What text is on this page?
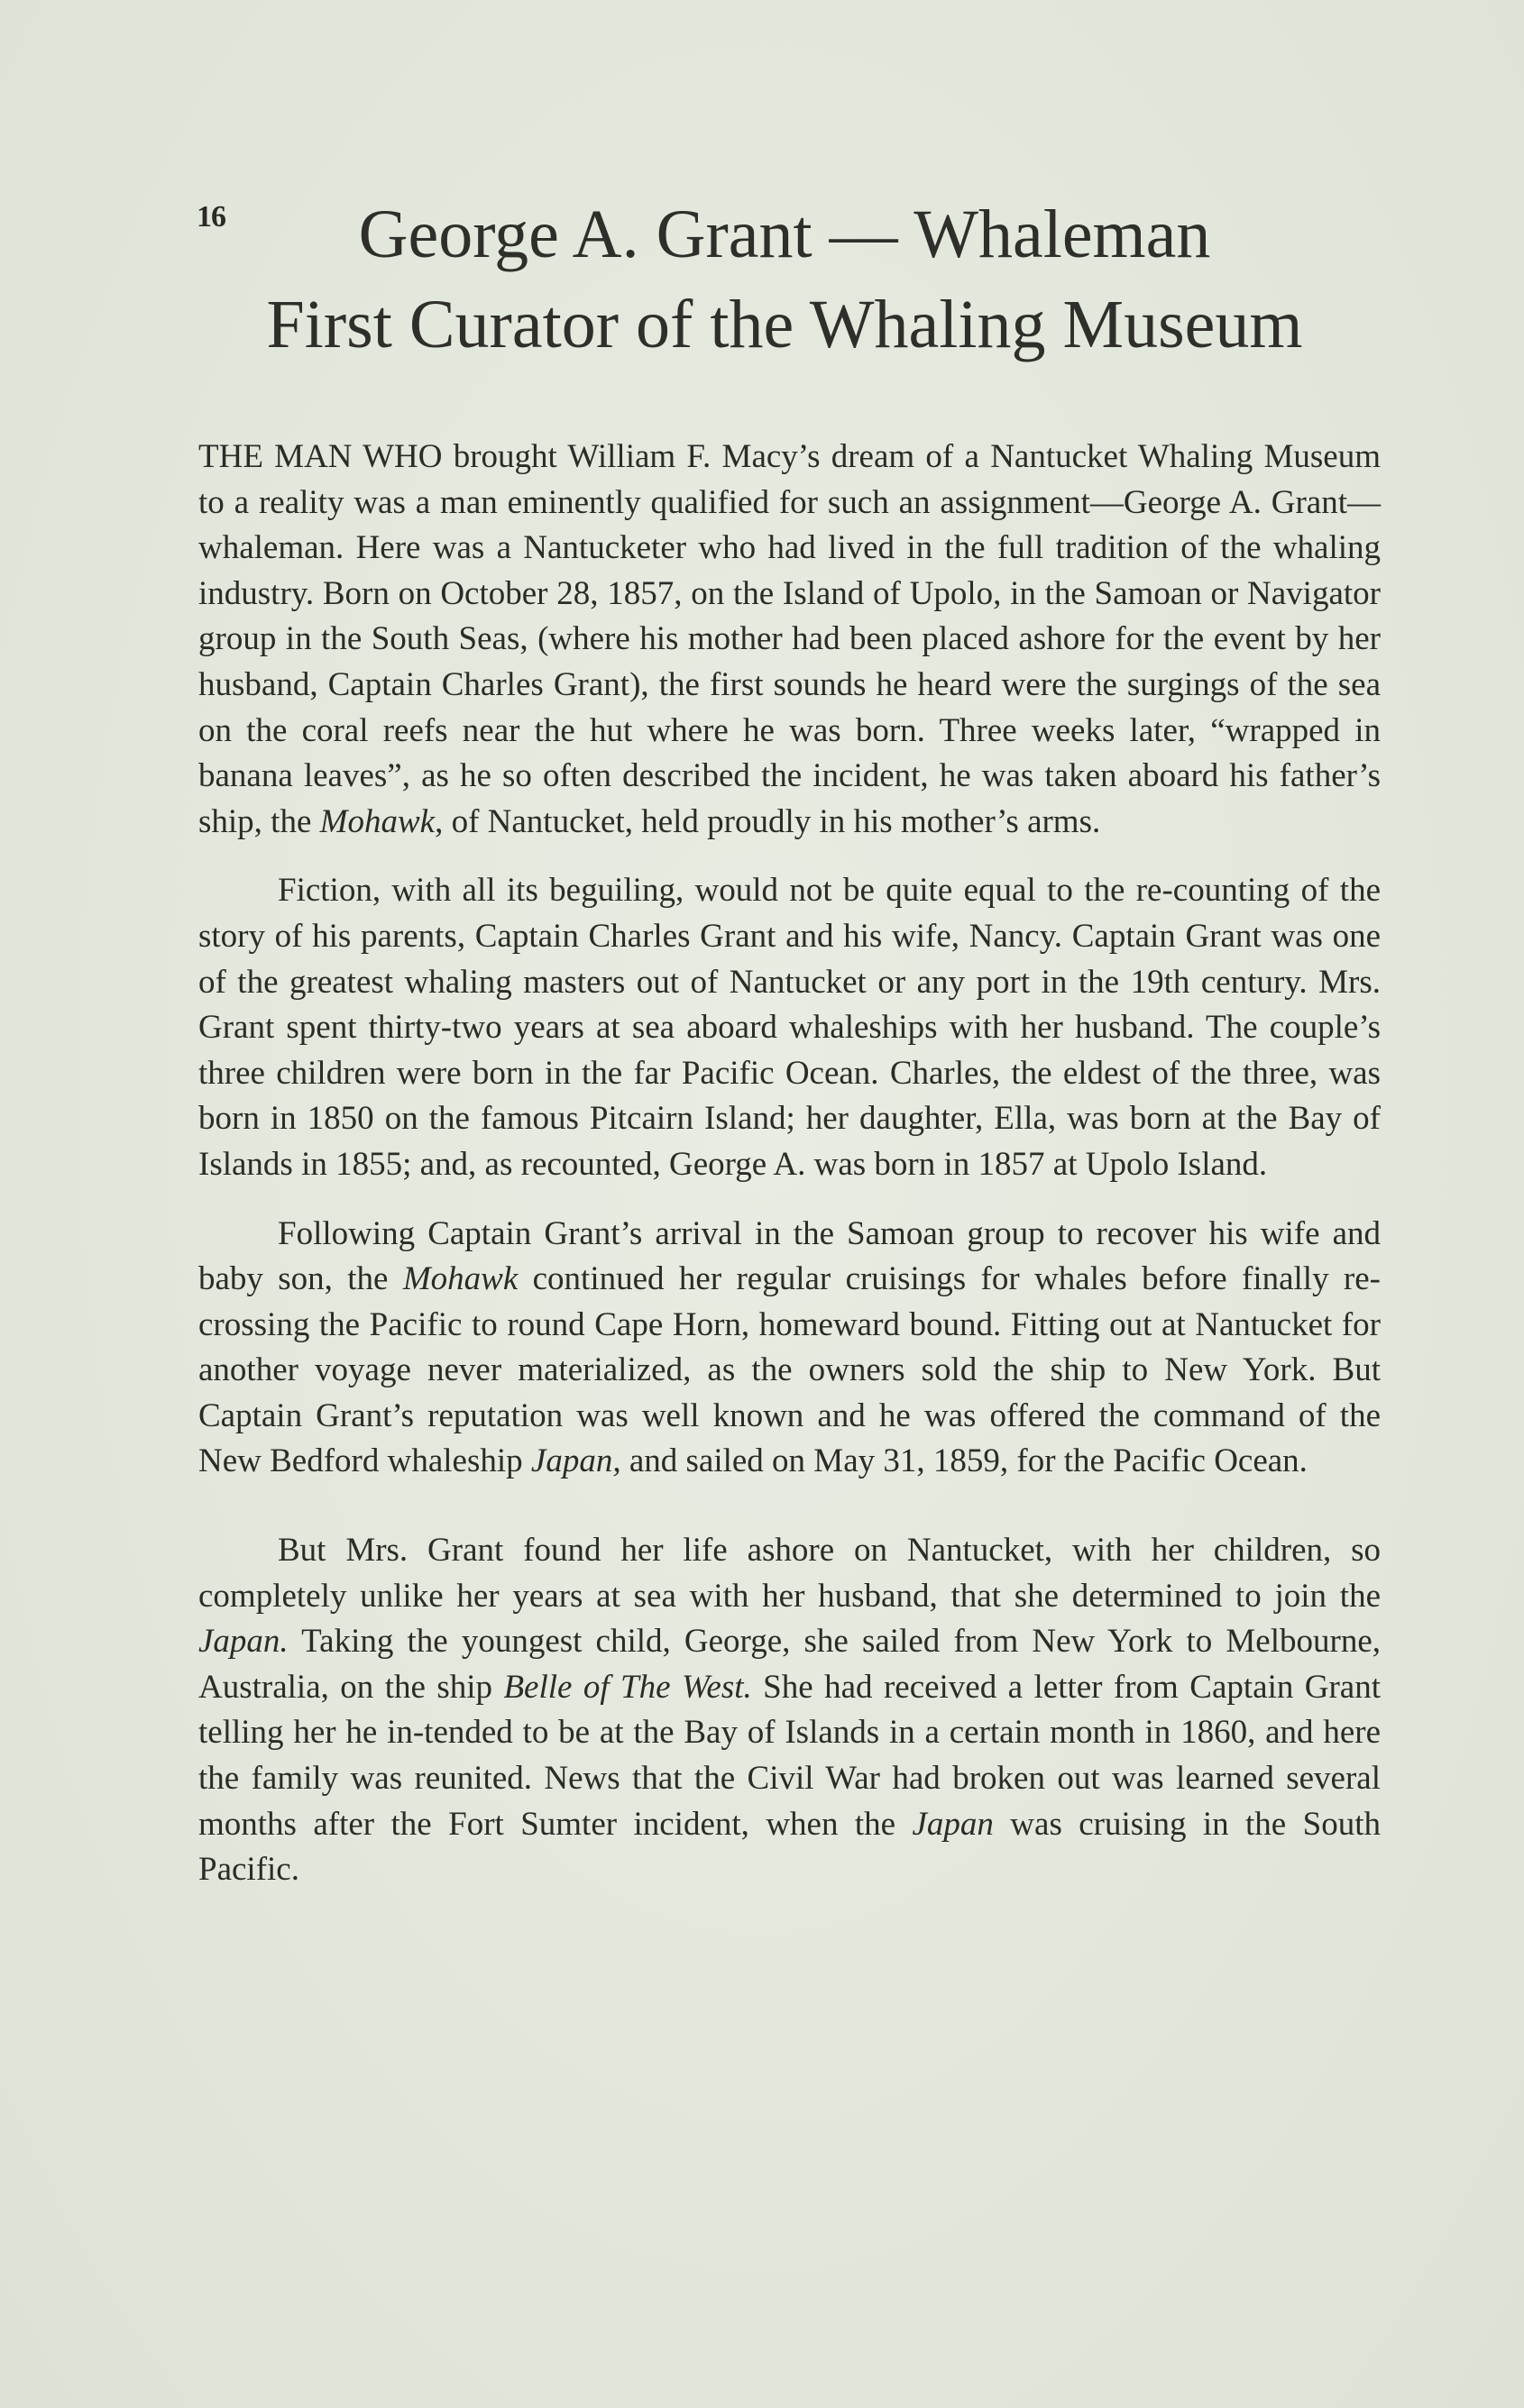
16	George A. Grant — Whaleman
First Curator of the Whaling Museum

THE MAN WHO brought William F. Macy’s dream of a Nantucket Whaling Museum to a reality was a man eminently qualified for such an assignment—George A. Grant—whaleman. Here was a Nantucketer who had lived in the full tradition of the whaling industry. Born on October 28, 1857, on the Island of Upolo, in the Samoan or Navigator group in the South Seas, (where his mother had been placed ashore for the event by her husband, Captain Charles Grant), the first sounds he heard were the surgings of the sea on the coral reefs near the hut where he was born. Three weeks later, “wrapped in banana leaves”, as he so often described the incident, he was taken aboard his father’s ship, the Mohawk, of Nantucket, held proudly in his mother’s arms.

Fiction, with all its beguiling, would not be quite equal to the re-counting of the story of his parents, Captain Charles Grant and his wife, Nancy. Captain Grant was one of the greatest whaling masters out of Nantucket or any port in the 19th century. Mrs. Grant spent thirty-two years at sea aboard whaleships with her husband. The couple’s three children were born in the far Pacific Ocean. Charles, the eldest of the three, was born in 1850 on the famous Pitcairn Island; her daughter, Ella, was born at the Bay of Islands in 1855; and, as recounted, George A. was born in 1857 at Upolo Island.

Following Captain Grant’s arrival in the Samoan group to recover his wife and baby son, the Mohawk continued her regular cruisings for whales before finally re-crossing the Pacific to round Cape Horn, homeward bound. Fitting out at Nantucket for another voyage never materialized, as the owners sold the ship to New York. But Captain Grant’s reputation was well known and he was offered the command of the New Bedford whaleship Japan, and sailed on May 31, 1859, for the Pacific Ocean.

But Mrs. Grant found her life ashore on Nantucket, with her children, so completely unlike her years at sea with her husband, that she determined to join the Japan. Taking the youngest child, George, she sailed from New York to Melbourne, Australia, on the ship Belle of The West. She had received a letter from Captain Grant telling her he in-tended to be at the Bay of Islands in a certain month in 1860, and here the family was reunited. News that the Civil War had broken out was learned several months after the Fort Sumter incident, when the Japan was cruising in the South Pacific.
